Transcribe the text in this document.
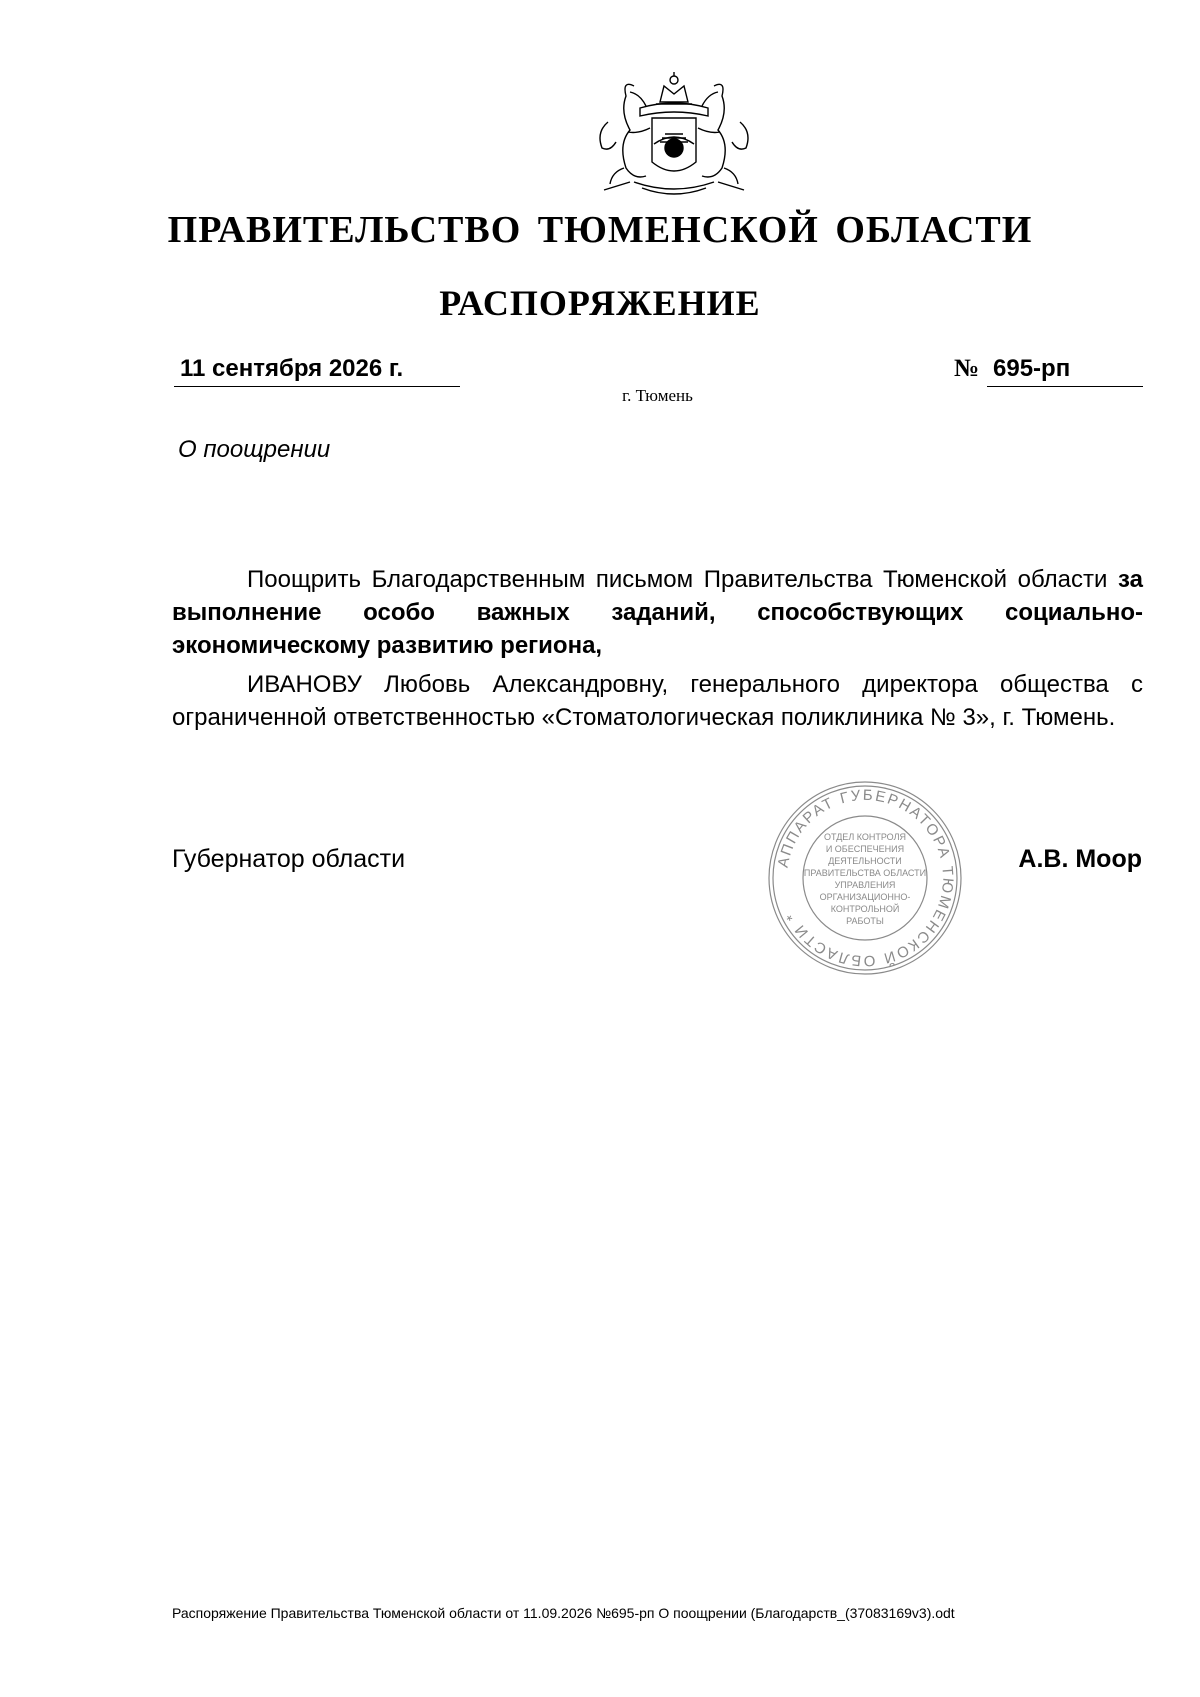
ПРАВИТЕЛЬСТВО ТЮМЕНСКОЙ ОБЛАСТИ
РАСПОРЯЖЕНИЕ
11 сентября 2026 г.	№ 695-рп
г. Тюмень
О поощрении

Поощрить Благодарственным письмом Правительства Тюменской области за выполнение особо важных заданий, способствующих социально-экономическому развитию региона,

ИВАНОВУ Любовь Александровну, генерального директора общества с ограниченной ответственностью «Стоматологическая поликлиника № 3», г. Тюмень.

Губернатор области	АППАРАТ ГУБЕРНАТОРА ТЮМЕНСКОЙ ОБЛАСТИ *
ОТДЕЛ КОНТРОЛЯ
И ОБЕСПЕЧЕНИЯ
ДЕЯТЕЛЬНОСТИ
ПРАВИТЕЛЬСТВА ОБЛАСТИ
УПРАВЛЕНИЯ
ОРГАНИЗАЦИОННО-
КОНТРОЛЬНОЙ
РАБОТЫ
А.В. Моор
Распоряжение Правительства Тюменской области от 11.09.2026 №695-рп О поощрении (Благодарств_(37083169v3).odt
